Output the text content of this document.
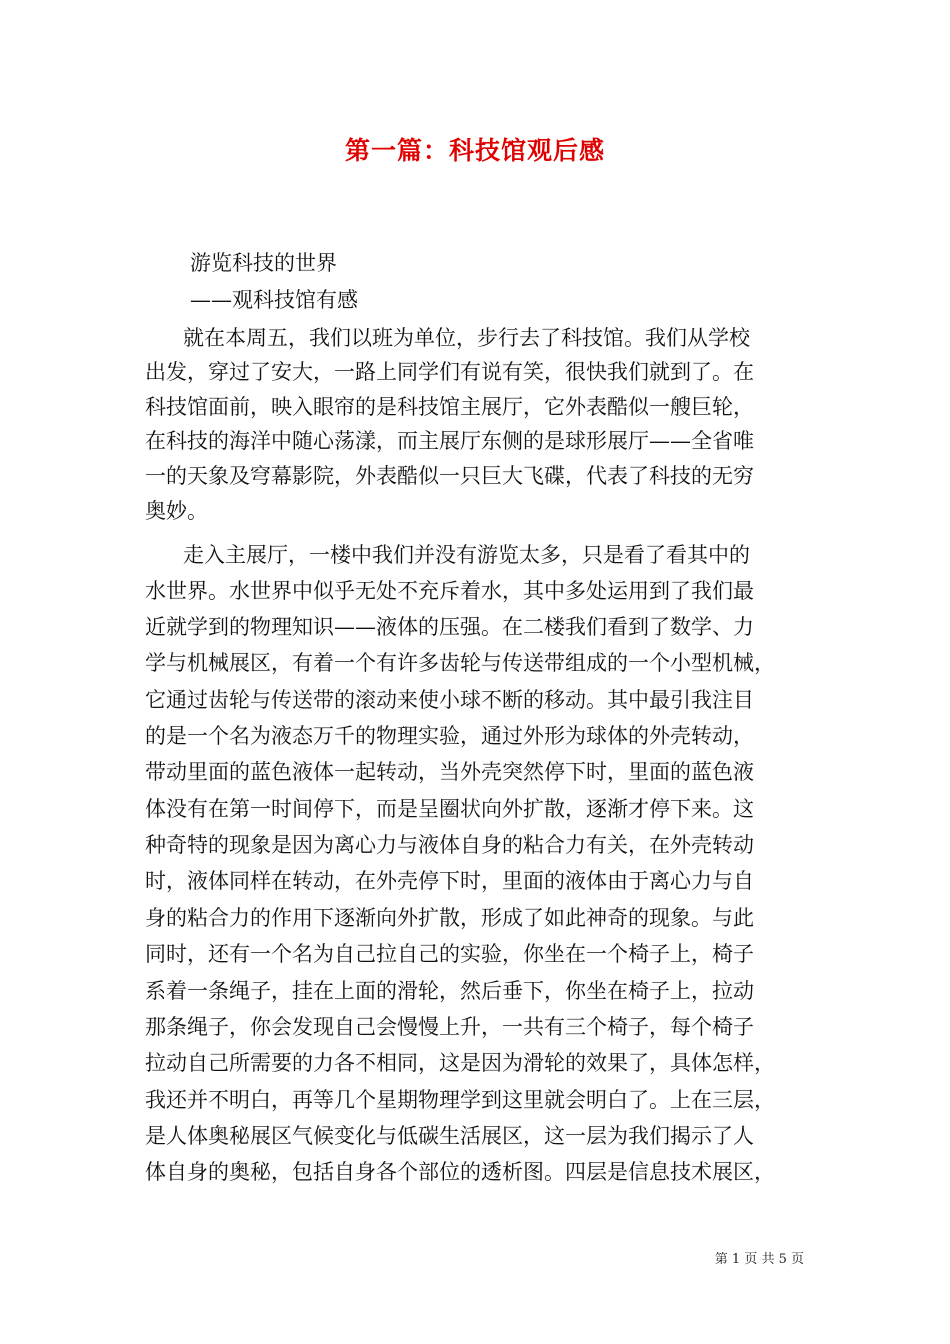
第一篇：科技馆观后感

游览科技的世界

——观科技馆有感

就在本周五，我们以班为单位，步行去了科技馆。我们从学校

出发，穿过了安大，一路上同学们有说有笑，很快我们就到了。在

科技馆面前，映入眼帘的是科技馆主展厅，它外表酷似一艘巨轮，

在科技的海洋中随心荡漾，而主展厅东侧的是球形展厅——全省唯

一的天象及穹幕影院，外表酷似一只巨大飞碟，代表了科技的无穷

奥妙。

走入主展厅，一楼中我们并没有游览太多，只是看了看其中的

水世界。水世界中似乎无处不充斥着水，其中多处运用到了我们最

近就学到的物理知识——液体的压强。在二楼我们看到了数学、力

学与机械展区，有着一个有许多齿轮与传送带组成的一个小型机械，

它通过齿轮与传送带的滚动来使小球不断的移动。其中最引我注目

的是一个名为液态万千的物理实验，通过外形为球体的外壳转动，

带动里面的蓝色液体一起转动，当外壳突然停下时，里面的蓝色液

体没有在第一时间停下，而是呈圈状向外扩散，逐渐才停下来。这

种奇特的现象是因为离心力与液体自身的粘合力有关，在外壳转动

时，液体同样在转动，在外壳停下时，里面的液体由于离心力与自

身的粘合力的作用下逐渐向外扩散，形成了如此神奇的现象。与此

同时，还有一个名为自己拉自己的实验，你坐在一个椅子上，椅子

系着一条绳子，挂在上面的滑轮，然后垂下，你坐在椅子上，拉动

那条绳子，你会发现自己会慢慢上升，一共有三个椅子，每个椅子

拉动自己所需要的力各不相同，这是因为滑轮的效果了，具体怎样，

我还并不明白，再等几个星期物理学到这里就会明白了。上在三层，

是人体奥秘展区气候变化与低碳生活展区，这一层为我们揭示了人

体自身的奥秘，包括自身各个部位的透析图。四层是信息技术展区，

第 1 页 共 5 页
